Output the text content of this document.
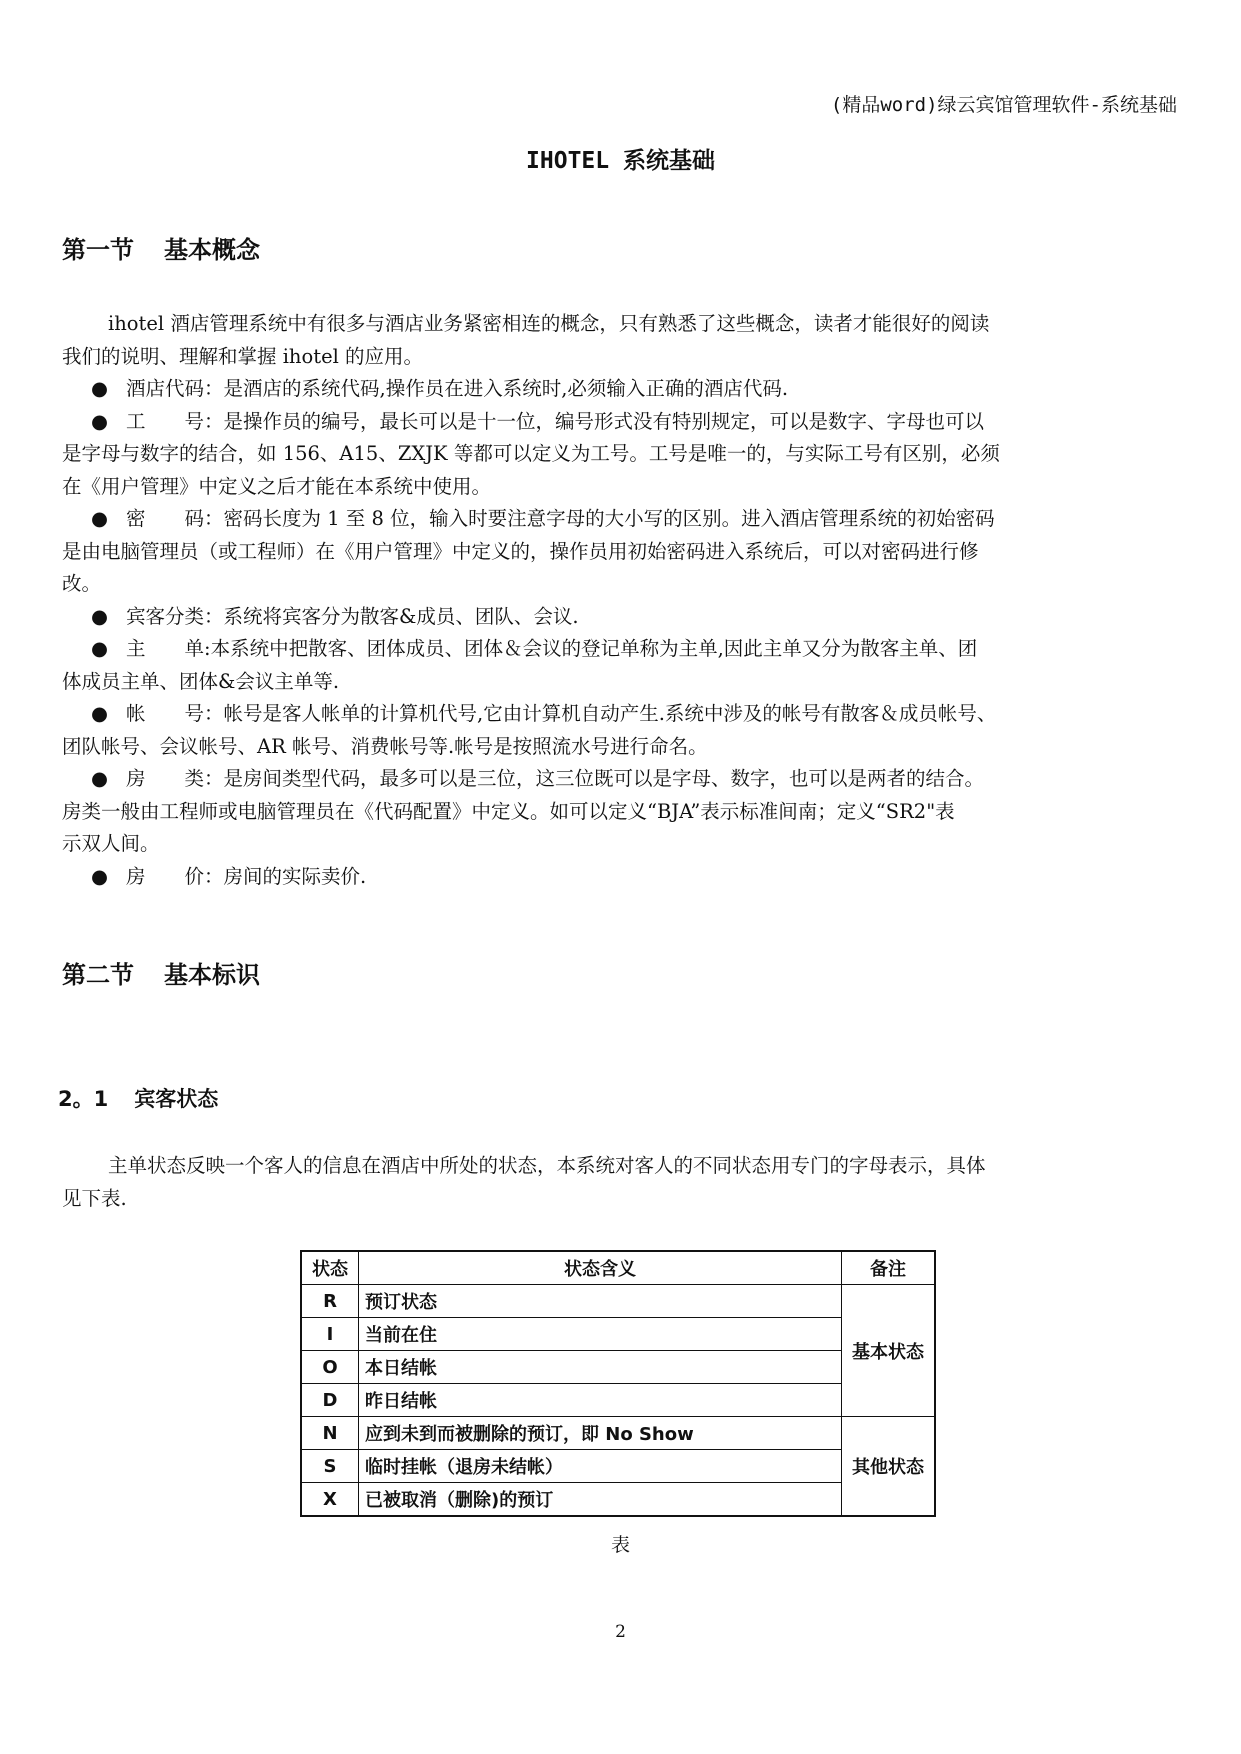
(精品word)绿云宾馆管理软件-系统基础
IHOTEL 系统基础
第一节 基本概念

ihotel 酒店管理系统中有很多与酒店业务紧密相连的概念，只有熟悉了这些概念，读者才能很好的阅读

我们的说明、理解和掌握 ihotel 的应用。

● 酒店代码：是酒店的系统代码,操作员在进入系统时,必须输入正确的酒店代码.

● 工　　号：是操作员的编号，最长可以是十一位，编号形式没有特别规定，可以是数字、字母也可以

是字母与数字的结合，如 156、A15、ZXJK 等都可以定义为工号。工号是唯一的，与实际工号有区别，必须

在《用户管理》中定义之后才能在本系统中使用。

● 密　　码：密码长度为 1 至 8 位，输入时要注意字母的大小写的区别。进入酒店管理系统的初始密码

是由电脑管理员（或工程师）在《用户管理》中定义的，操作员用初始密码进入系统后，可以对密码进行修

改。

● 宾客分类：系统将宾客分为散客&成员、团队、会议.

● 主　　单:本系统中把散客、团体成员、团体＆会议的登记单称为主单,因此主单又分为散客主单、团

体成员主单、团体&会议主单等.

● 帐　　号：帐号是客人帐单的计算机代号,它由计算机自动产生.系统中涉及的帐号有散客＆成员帐号、

团队帐号、会议帐号、AR 帐号、消费帐号等.帐号是按照流水号进行命名。

● 房　　类：是房间类型代码，最多可以是三位，这三位既可以是字母、数字，也可以是两者的结合。

房类一般由工程师或电脑管理员在《代码配置》中定义。如可以定义“BJA”表示标准间南；定义“SR2"表

示双人间。

● 房　　价：房间的实际卖价.

第二节 基本标识
2。1 宾客状态

主单状态反映一个客人的信息在酒店中所处的状态，本系统对客人的不同状态用专门的字母表示，具体

见下表.

状态	状态含义	备注
R	预订状态	基本状态
I	当前在住	
O	本日结帐	
D	昨日结帐	
N	应到未到而被删除的预订，即 No Show	其他状态
S	临时挂帐（退房未结帐）	
X	已被取消（删除)的预订	
表
2
